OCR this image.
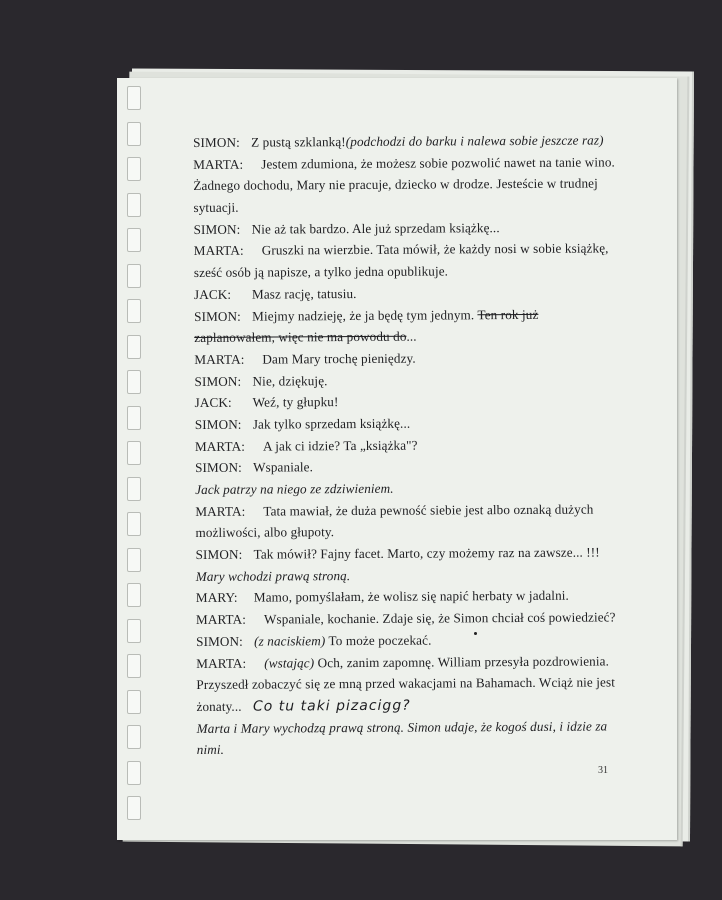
SIMON: Z pustą szklanką!(podchodzi do barku i nalewa sobie jeszcze raz)
MARTA: Jestem zdumiona, że możesz sobie pozwolić nawet na tanie wino.
Żadnego dochodu, Mary nie pracuje, dziecko w drodze. Jesteście w trudnej
sytuacji.
SIMON: Nie aż tak bardzo. Ale już sprzedam książkę...
MARTA: Gruszki na wierzbie. Tata mówił, że każdy nosi w sobie książkę,
sześć osób ją napisze, a tylko jedna opublikuje.
JACK: Masz rację, tatusiu.
SIMON: Miejmy nadzieję, że ja będę tym jednym. Ten rok już
zaplanowałem, więc nie ma powodu do...
MARTA: Dam Mary trochę pieniędzy.
SIMON: Nie, dziękuję.
JACK: Weź, ty głupku!
SIMON: Jak tylko sprzedam książkę...
MARTA: A jak ci idzie? Ta „książka"?
SIMON: Wspaniale.
Jack patrzy na niego ze zdziwieniem.
MARTA: Tata mawiał, że duża pewność siebie jest albo oznaką dużych
możliwości, albo głupoty.
SIMON: Tak mówił? Fajny facet. Marto, czy możemy raz na zawsze... !!!
Mary wchodzi prawą stroną.
MARY: Mamo, pomyślałam, że wolisz się napić herbaty w jadalni.
MARTA: Wspaniale, kochanie. Zdaje się, że Simon chciał coś powiedzieć?
SIMON: (z naciskiem) To może poczekać.
MARTA: (wstając) Och, zanim zapomnę. William przesyła pozdrowienia.
Przyszedł zobaczyć się ze mną przed wakacjami na Bahamach. Wciąż nie jest
żonaty... Co tu taki pizacigg?
Marta i Mary wychodzą prawą stroną. Simon udaje, że kogoś dusi, i idzie za
nimi.
31
